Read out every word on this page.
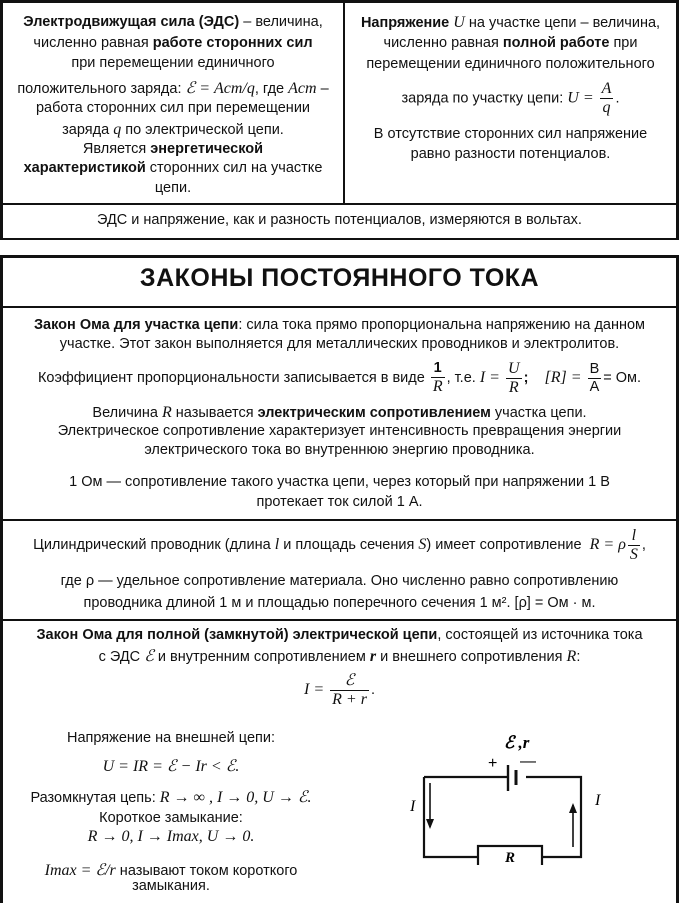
Электродвижущая сила (ЭДС) – величина,
численно равная работе сторонних сил
при перемещении единичного
положительного заряда: ℰ = Aст/q, где Aст –
работа сторонних сил при перемещении
заряда q по электрической цепи.
Является энергетической
характеристикой сторонних сил на участке
цепи.
Напряжение U на участке цепи – величина,
численно равная полной работе при
перемещении единичного положительного
заряда по участку цепи: $U = \frac{A}{q}$ .
В отсутствие сторонних сил напряжение
равно разности потенциалов.
ЭДС и напряжение, как и разность потенциалов, измеряются в вольтах.
ЗАКОНЫ ПОСТОЯННОГО ТОКА
Закон Ома для участка цепи: сила тока прямо пропорциональна напряжению на данном
участке. Этот закон выполняется для металлических проводников и электролитов.
Коэффициент пропорциональности записывается в виде $\frac{1}{R}$ , т.е. $I = \frac{U}{R}$ ; $[R] = \frac{В}{А}$ = Ом.
Величина R называется электрическим сопротивлением участка цепи.
Электрическое сопротивление характеризует интенсивность превращения энергии
электрического тока во внутреннюю энергию проводника.
1 Ом — сопротивление такого участка цепи, через который при напряжении 1 В
протекает ток силой 1 А.
Цилиндрический проводник (длина l и площадь сечения S) имеет сопротивление R = ρ $\frac{l}{S}$ ,
где ρ — удельное сопротивление материала. Оно численно равно сопротивлению
проводника длиной 1 м и площадью поперечного сечения 1 м². [ρ] = Ом · м.
Закон Ома для полной (замкнутой) электрической цепи, состоящей из источника тока
с ЭДС ℰ и внутренним сопротивлением r и внешнего сопротивления R:
$I = \frac{\text{ℰ}}{R + r}$ .
Напряжение на внешней цепи:
U = IR = ℰ − Ir < ℰ.
Разомкнутая цепь: R → ∞ , I → 0, U → ℰ.
Короткое замыкание:
R → 0, I → Imax, U → 0.
Imax = ℰ/r называют током короткого
замыкания.
ℰ ,r
+ —
R
I	I
